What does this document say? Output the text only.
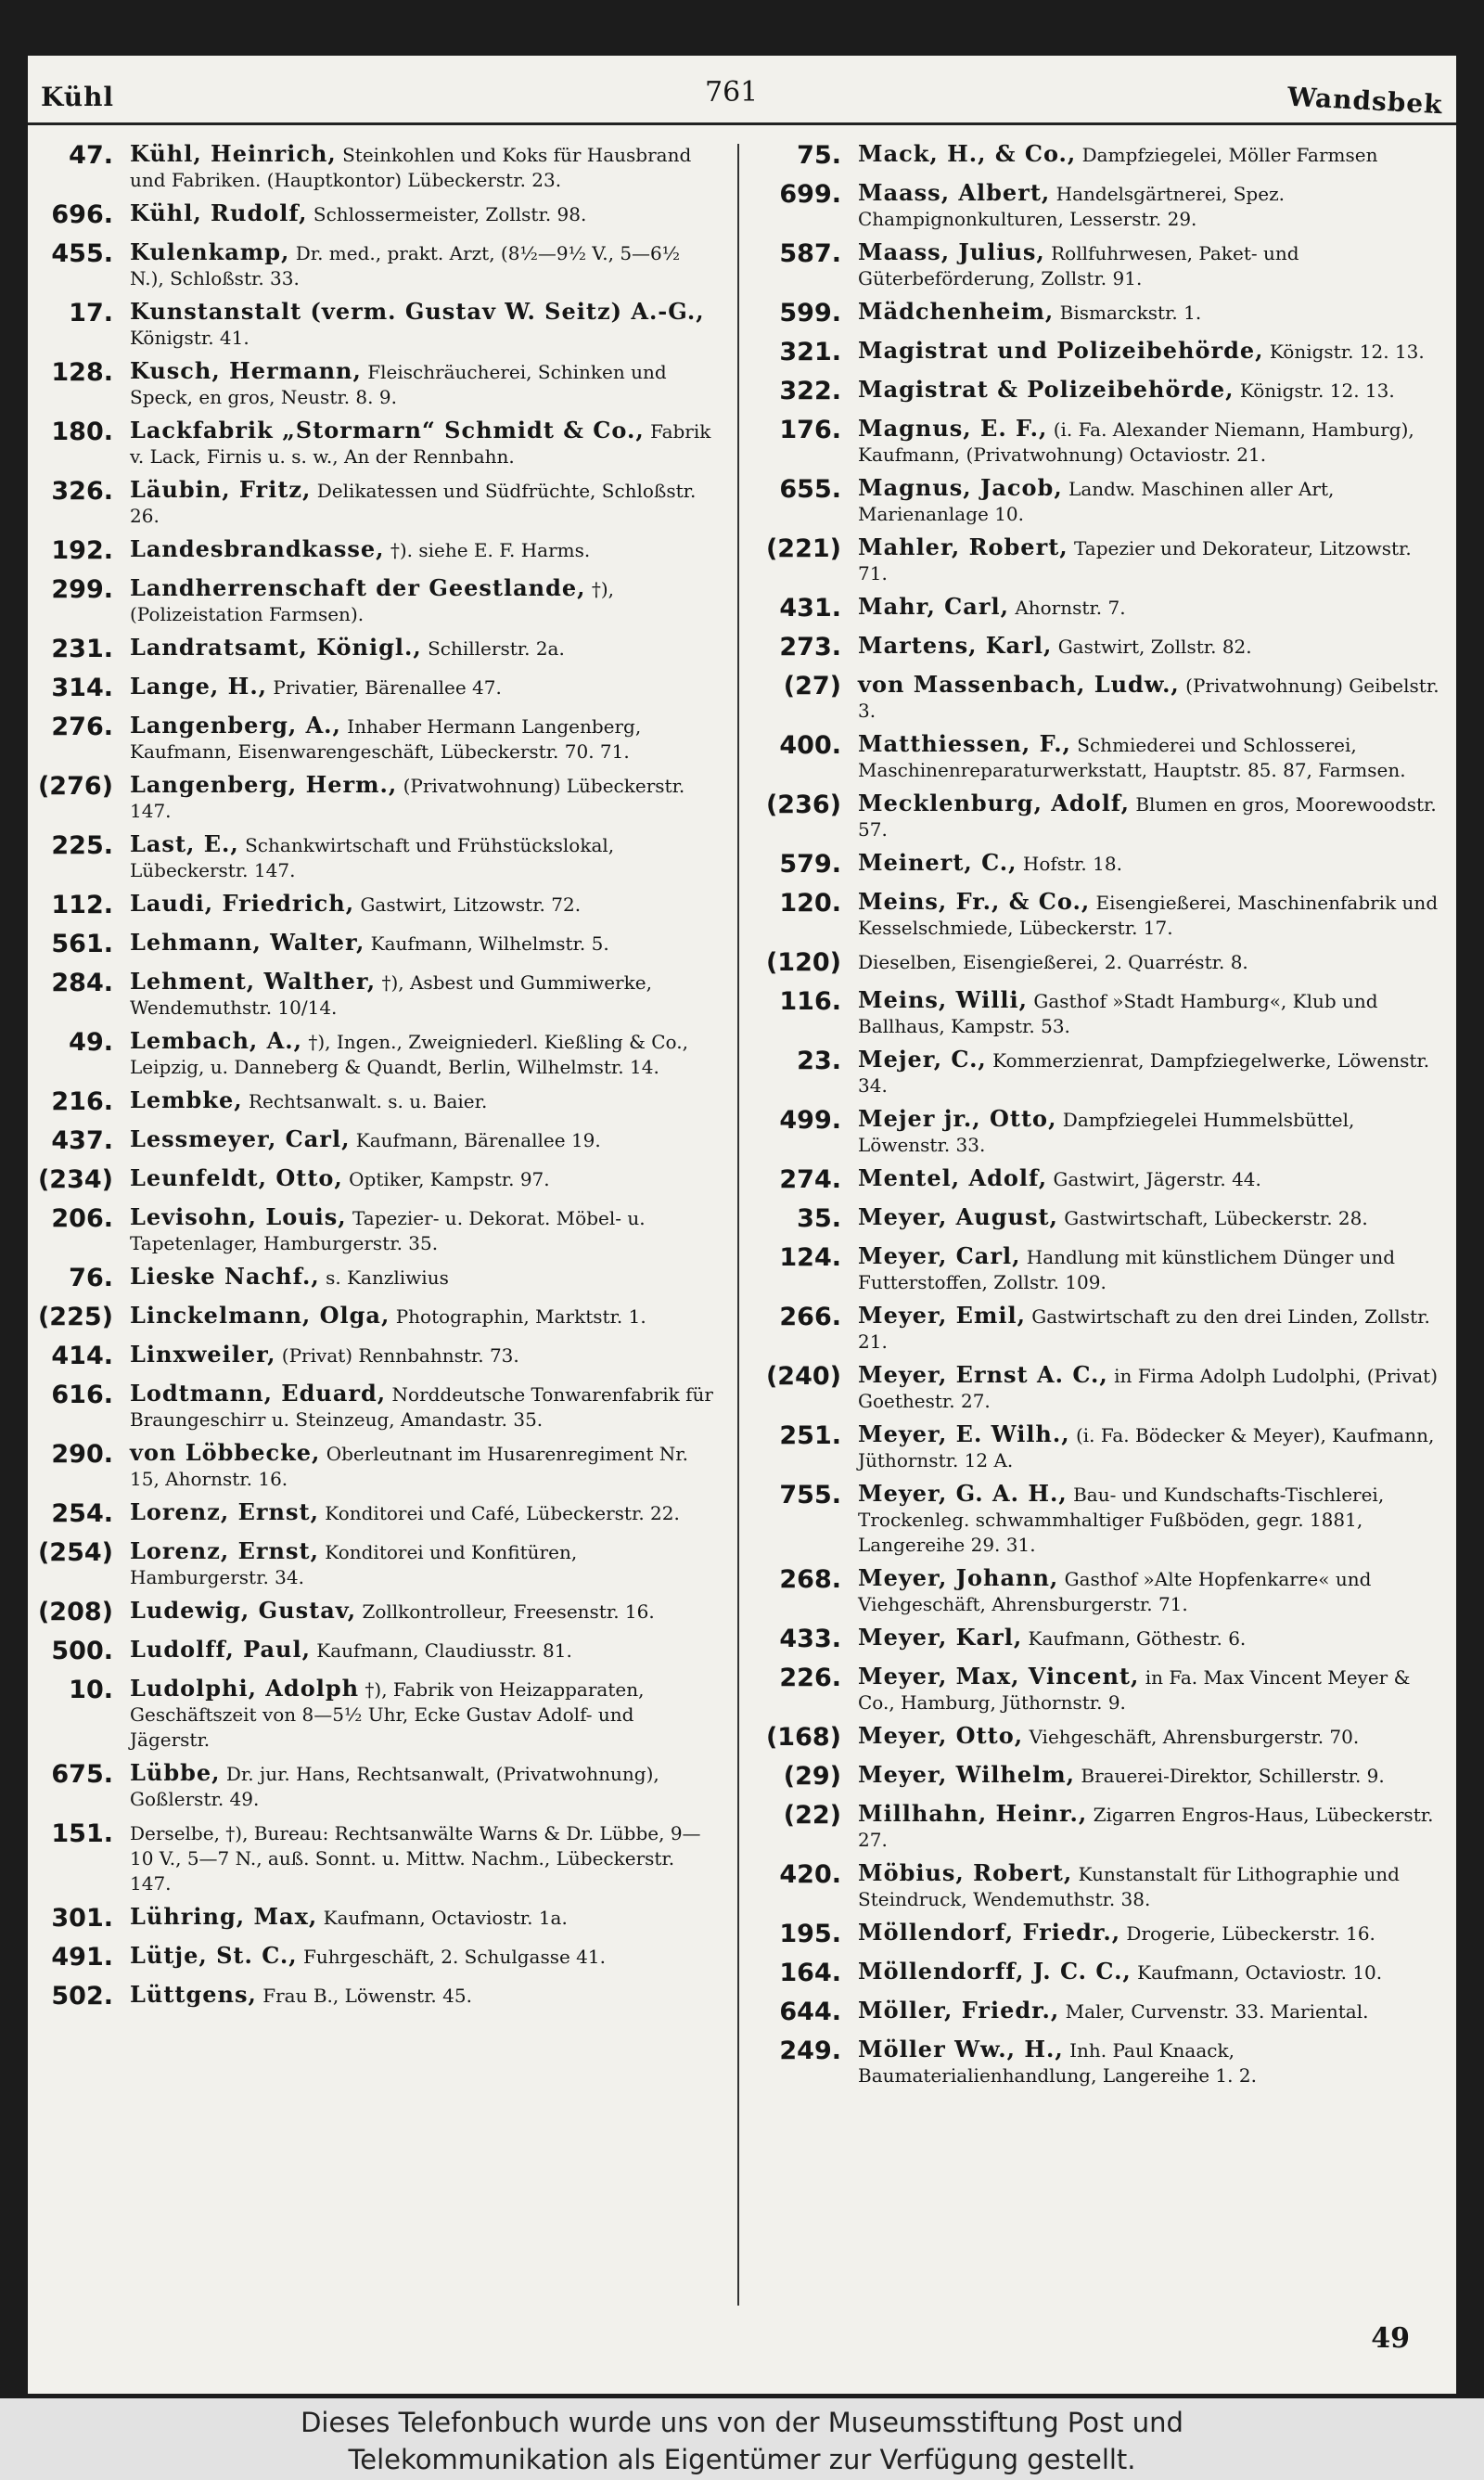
Kühl	761	Wandsbek
47. Kühl, Heinrich, Steinkohlen und Koks für Hausbrand und Fabriken. (Hauptkontor) Lübeckerstr. 23.
696. Kühl, Rudolf, Schlossermeister, Zollstr. 98.
455. Kulenkamp, Dr. med., prakt. Arzt, (8½—9½ V., 5—6½ N.), Schloßstr. 33.
17. Kunstanstalt (verm. Gustav W. Seitz) A.-G., Königstr. 41.
128. Kusch, Hermann, Fleischräucherei, Schinken und Speck, en gros, Neustr. 8. 9.
180. Lackfabrik „Stormarn“ Schmidt & Co., Fabrik v. Lack, Firnis u. s. w., An der Rennbahn.
326. Läubin, Fritz, Delikatessen und Südfrüchte, Schloßstr. 26.
192. Landesbrandkasse, †). siehe E. F. Harms.
299. Landherrenschaft der Geestlande, †), (Polizeistation Farmsen).
231. Landratsamt, Königl., Schillerstr. 2a.
314. Lange, H., Privatier, Bärenallee 47.
276. Langenberg, A., Inhaber Hermann Langenberg, Kaufmann, Eisenwarengeschäft, Lübeckerstr. 70. 71.
(276) Langenberg, Herm., (Privatwohnung) Lübeckerstr. 147.
225. Last, E., Schankwirtschaft und Frühstückslokal, Lübeckerstr. 147.
112. Laudi, Friedrich, Gastwirt, Litzowstr. 72.
561. Lehmann, Walter, Kaufmann, Wilhelmstr. 5.
284. Lehment, Walther, †), Asbest und Gummiwerke, Wendemuthstr. 10/14.
49. Lembach, A., †), Ingen., Zweigniederl. Kießling & Co., Leipzig, u. Danneberg & Quandt, Berlin, Wilhelmstr. 14.
216. Lembke, Rechtsanwalt. s. u. Baier.
437. Lessmeyer, Carl, Kaufmann, Bärenallee 19.
(234) Leunfeldt, Otto, Optiker, Kampstr. 97.
206. Levisohn, Louis, Tapezier- u. Dekorat. Möbel- u. Tapetenlager, Hamburgerstr. 35.
76. Lieske Nachf., s. Kanzliwius
(225) Linckelmann, Olga, Photographin, Marktstr. 1.
414. Linxweiler, (Privat) Rennbahnstr. 73.
616. Lodtmann, Eduard, Norddeutsche Tonwarenfabrik für Braungeschirr u. Steinzeug, Amandastr. 35.
290. von Löbbecke, Oberleutnant im Husarenregiment Nr. 15, Ahornstr. 16.
254. Lorenz, Ernst, Konditorei und Café, Lübeckerstr. 22.
(254) Lorenz, Ernst, Konditorei und Konfitüren, Hamburgerstr. 34.
(208) Ludewig, Gustav, Zollkontrolleur, Freesenstr. 16.
500. Ludolff, Paul, Kaufmann, Claudiusstr. 81.
10. Ludolphi, Adolph †), Fabrik von Heizapparaten, Geschäftszeit von 8—5½ Uhr, Ecke Gustav Adolf- und Jägerstr.
675. Lübbe, Dr. jur. Hans, Rechtsanwalt, (Privatwohnung), Goßlerstr. 49.
151. Derselbe, †), Bureau: Rechtsanwälte Warns & Dr. Lübbe, 9—10 V., 5—7 N., auß. Sonnt. u. Mittw. Nachm., Lübeckerstr. 147.
301. Lühring, Max, Kaufmann, Octaviostr. 1a.
491. Lütje, St. C., Fuhrgeschäft, 2. Schulgasse 41.
502. Lüttgens, Frau B., Löwenstr. 45.
75. Mack, H., & Co., Dampfziegelei, Möller Farmsen
699. Maass, Albert, Handelsgärtnerei, Spez. Champignonkulturen, Lesserstr. 29.
587. Maass, Julius, Rollfuhrwesen, Paket- und Güterbeförderung, Zollstr. 91.
599. Mädchenheim, Bismarckstr. 1.
321. Magistrat und Polizeibehörde, Königstr. 12. 13.
322. Magistrat & Polizeibehörde, Königstr. 12. 13.
176. Magnus, E. F., (i. Fa. Alexander Niemann, Hamburg), Kaufmann, (Privatwohnung) Octaviostr. 21.
655. Magnus, Jacob, Landw. Maschinen aller Art, Marienanlage 10.
(221) Mahler, Robert, Tapezier und Dekorateur, Litzowstr. 71.
431. Mahr, Carl, Ahornstr. 7.
273. Martens, Karl, Gastwirt, Zollstr. 82.
(27) von Massenbach, Ludw., (Privatwohnung) Geibelstr. 3.
400. Matthiessen, F., Schmiederei und Schlosserei, Maschinenreparaturwerkstatt, Hauptstr. 85. 87, Farmsen.
(236) Mecklenburg, Adolf, Blumen en gros, Moorewoodstr. 57.
579. Meinert, C., Hofstr. 18.
120. Meins, Fr., & Co., Eisengießerei, Maschinenfabrik und Kesselschmiede, Lübeckerstr. 17.
(120) Dieselben, Eisengießerei, 2. Quarréstr. 8.
116. Meins, Willi, Gasthof »Stadt Hamburg«, Klub und Ballhaus, Kampstr. 53.
23. Mejer, C., Kommerzienrat, Dampfziegelwerke, Löwenstr. 34.
499. Mejer jr., Otto, Dampfziegelei Hummelsbüttel, Löwenstr. 33.
274. Mentel, Adolf, Gastwirt, Jägerstr. 44.
35. Meyer, August, Gastwirtschaft, Lübeckerstr. 28.
124. Meyer, Carl, Handlung mit künstlichem Dünger und Futterstoffen, Zollstr. 109.
266. Meyer, Emil, Gastwirtschaft zu den drei Linden, Zollstr. 21.
(240) Meyer, Ernst A. C., in Firma Adolph Ludolphi, (Privat) Goethestr. 27.
251. Meyer, E. Wilh., (i. Fa. Bödecker & Meyer), Kaufmann, Jüthornstr. 12 A.
755. Meyer, G. A. H., Bau- und Kundschafts-Tischlerei, Trockenleg. schwammhaltiger Fußböden, gegr. 1881, Langereihe 29. 31.
268. Meyer, Johann, Gasthof »Alte Hopfenkarre« und Viehgeschäft, Ahrensburgerstr. 71.
433. Meyer, Karl, Kaufmann, Göthestr. 6.
226. Meyer, Max, Vincent, in Fa. Max Vincent Meyer & Co., Hamburg, Jüthornstr. 9.
(168) Meyer, Otto, Viehgeschäft, Ahrensburgerstr. 70.
(29) Meyer, Wilhelm, Brauerei-Direktor, Schillerstr. 9.
(22) Millhahn, Heinr., Zigarren Engros-Haus, Lübeckerstr. 27.
420. Möbius, Robert, Kunstanstalt für Lithographie und Steindruck, Wendemuthstr. 38.
195. Möllendorf, Friedr., Drogerie, Lübeckerstr. 16.
164. Möllendorff, J. C. C., Kaufmann, Octaviostr. 10.
644. Möller, Friedr., Maler, Curvenstr. 33. Mariental.
249. Möller Ww., H., Inh. Paul Knaack, Baumaterialienhandlung, Langereihe 1. 2.
49
Dieses Telefonbuch wurde uns von der Museumsstiftung Post und
Telekommunikation als Eigentümer zur Verfügung gestellt.
